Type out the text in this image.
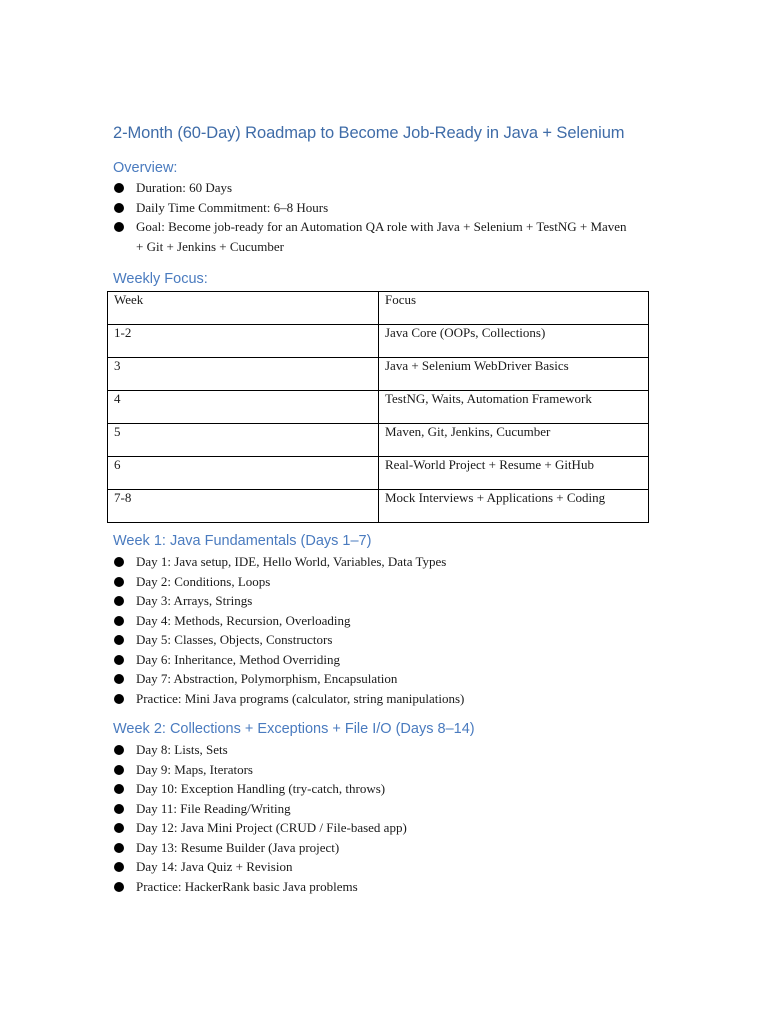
2-Month (60-Day) Roadmap to Become Job-Ready in Java + Selenium
Overview:
Duration: 60 Days
Daily Time Commitment: 6–8 Hours
Goal: Become job-ready for an Automation QA role with Java + Selenium + TestNG + Maven + Git + Jenkins + Cucumber
Weekly Focus:
Week	Focus
1-2	Java Core (OOPs, Collections)
3	Java + Selenium WebDriver Basics
4	TestNG, Waits, Automation Framework
5	Maven, Git, Jenkins, Cucumber
6	Real-World Project + Resume + GitHub
7-8	Mock Interviews + Applications + Coding
Week 1: Java Fundamentals (Days 1–7)
Day 1: Java setup, IDE, Hello World, Variables, Data Types
Day 2: Conditions, Loops
Day 3: Arrays, Strings
Day 4: Methods, Recursion, Overloading
Day 5: Classes, Objects, Constructors
Day 6: Inheritance, Method Overriding
Day 7: Abstraction, Polymorphism, Encapsulation
Practice: Mini Java programs (calculator, string manipulations)
Week 2: Collections + Exceptions + File I/O (Days 8–14)
Day 8: Lists, Sets
Day 9: Maps, Iterators
Day 10: Exception Handling (try-catch, throws)
Day 11: File Reading/Writing
Day 12: Java Mini Project (CRUD / File-based app)
Day 13: Resume Builder (Java project)
Day 14: Java Quiz + Revision
Practice: HackerRank basic Java problems
